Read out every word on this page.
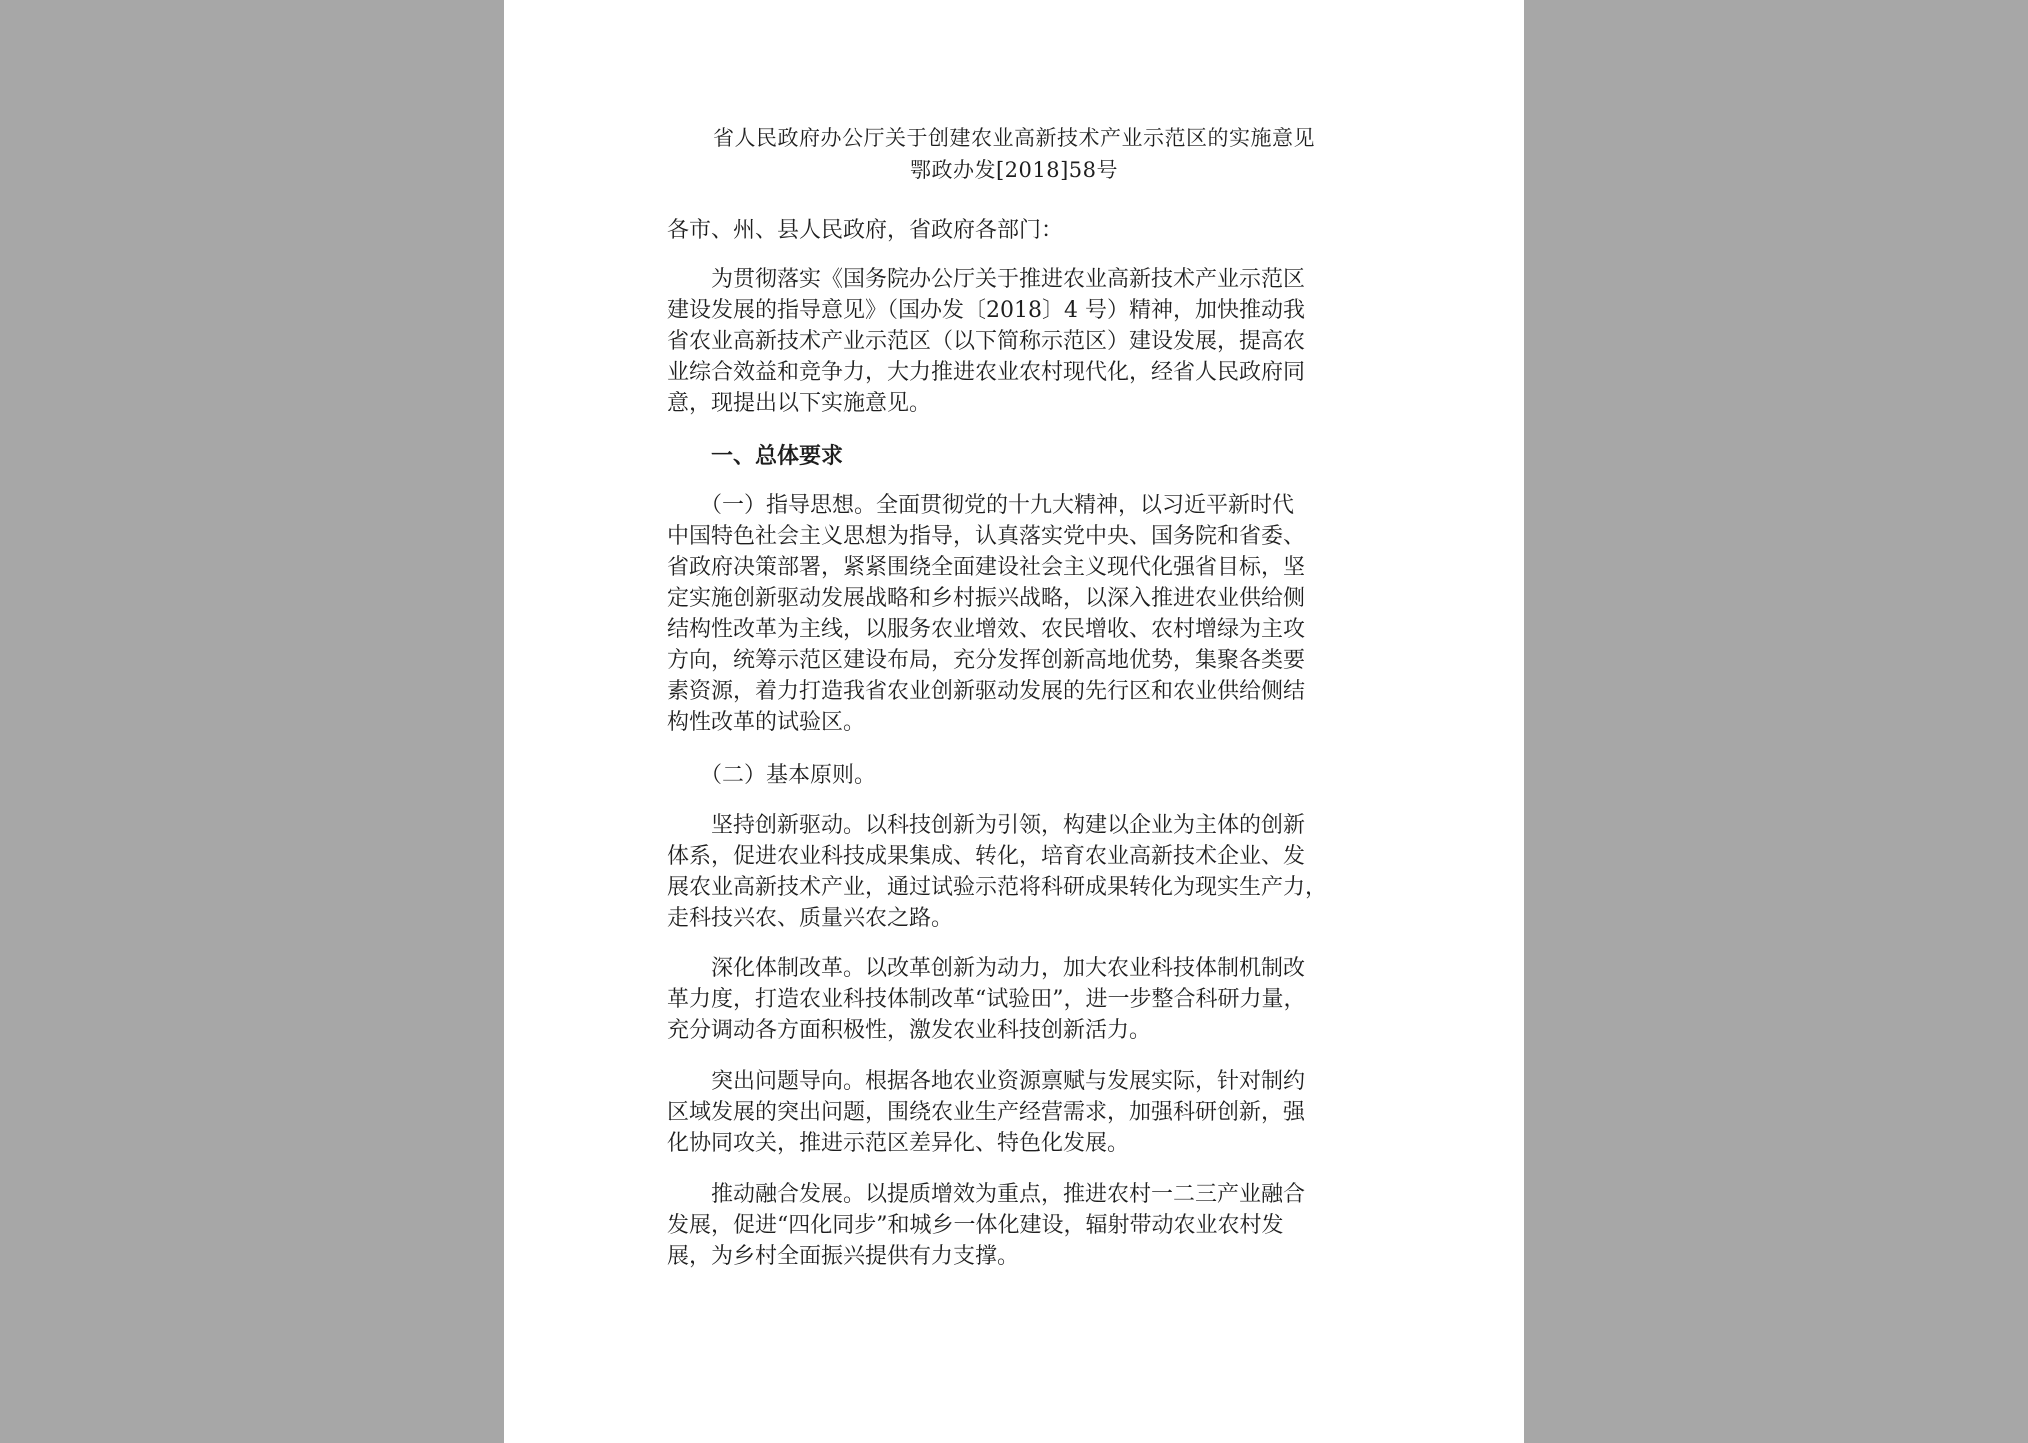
省人民政府办公厅关于创建农业高新技术产业示范区的实施意见
鄂政办发[2018]58号
各市、州、县人民政府，省政府各部门：
　　为贯彻落实《国务院办公厅关于推进农业高新技术产业示范区
建设发展的指导意见》（国办发〔2018〕4 号）精神，加快推动我
省农业高新技术产业示范区（以下简称示范区）建设发展，提高农
业综合效益和竞争力，大力推进农业农村现代化，经省人民政府同
意，现提出以下实施意见。
　　一、总体要求
　　（一）指导思想。全面贯彻党的十九大精神，以习近平新时代
中国特色社会主义思想为指导，认真落实党中央、国务院和省委、
省政府决策部署，紧紧围绕全面建设社会主义现代化强省目标，坚
定实施创新驱动发展战略和乡村振兴战略，以深入推进农业供给侧
结构性改革为主线，以服务农业增效、农民增收、农村增绿为主攻
方向，统筹示范区建设布局，充分发挥创新高地优势，集聚各类要
素资源，着力打造我省农业创新驱动发展的先行区和农业供给侧结
构性改革的试验区。
　　（二）基本原则。
　　坚持创新驱动。以科技创新为引领，构建以企业为主体的创新
体系，促进农业科技成果集成、转化，培育农业高新技术企业、发
展农业高新技术产业，通过试验示范将科研成果转化为现实生产力，
走科技兴农、质量兴农之路。
　　深化体制改革。以改革创新为动力，加大农业科技体制机制改
革力度，打造农业科技体制改革“试验田”，进一步整合科研力量，
充分调动各方面积极性，激发农业科技创新活力。
　　突出问题导向。根据各地农业资源禀赋与发展实际，针对制约
区域发展的突出问题，围绕农业生产经营需求，加强科研创新，强
化协同攻关，推进示范区差异化、特色化发展。
　　推动融合发展。以提质增效为重点，推进农村一二三产业融合
发展，促进“四化同步”和城乡一体化建设，辐射带动农业农村发
展，为乡村全面振兴提供有力支撑。
